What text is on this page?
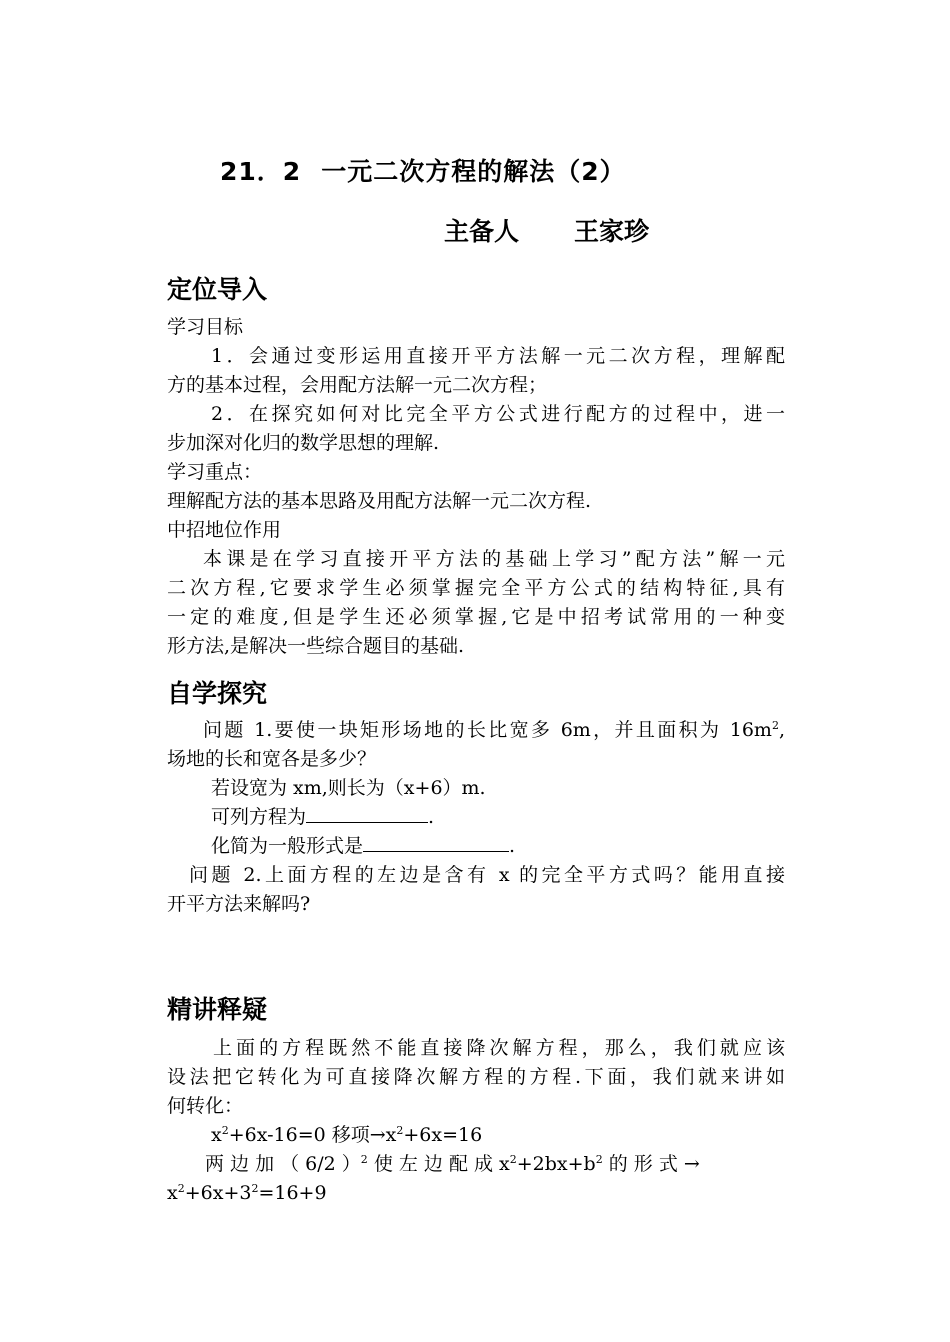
21．2 一元二次方程的解法（2）
主备人 王家珍
定位导入
学习目标
1．会通过变形运用直接开平方法解一元二次方程，理解配
方的基本过程，会用配方法解一元二次方程；
2．在探究如何对比完全平方公式进行配方的过程中，进一
步加深对化归的数学思想的理解.
学习重点：
理解配方法的基本思路及用配方法解一元二次方程.
中招地位作用
本课是在学习直接开平方法的基础上学习”配方法”解一元
二次方程,它要求学生必须掌握完全平方公式的结构特征,具有
一定的难度,但是学生还必须掌握,它是中招考试常用的一种变
形方法,是解决一些综合题目的基础.
自学探究
问题 1.要使一块矩形场地的长比宽多 6m，并且面积为 $16m^2$,
场地的长和宽各是多少？
若设宽为 xm,则长为（x+6）m.
可列方程为	.
化简为一般形式是	.
问题 2.上面方程的左边是含有 x 的完全平方式吗？能用直接
开平方法来解吗?
精讲释疑
上面的方程既然不能直接降次解方程，那么，我们就应该
设法把它转化为可直接降次解方程的方程.下面，我们就来讲如
何转化：
$x^2+6x-16=0$ 移项$\to x^2+6x=16$
两 边 加 （ 6/2 ）$^2$ 使 左 边 配 成 $x^2+2bx+b^2$ 的 形 式 →
$x^2+6x+3^2=16+9$
